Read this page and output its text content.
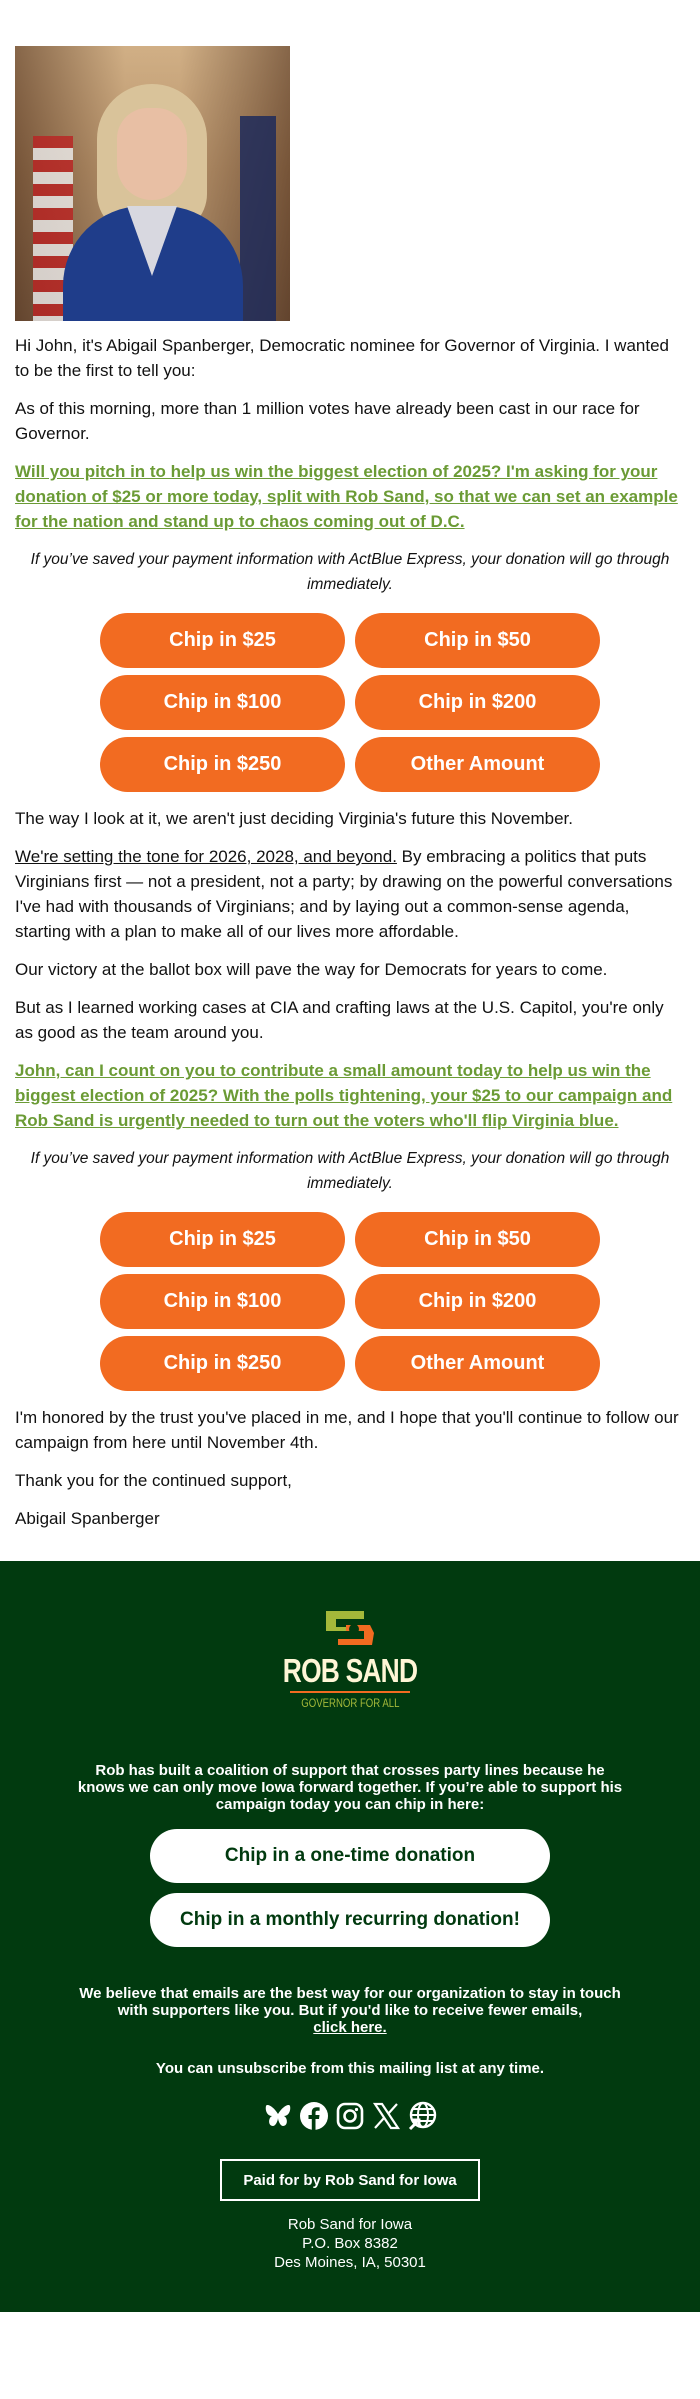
Hi John, it's Abigail Spanberger, Democratic nominee for Governor of Virginia. I wanted to be the first to tell you:

As of this morning, more than 1 million votes have already been cast in our race for Governor.

Will you pitch in to help us win the biggest election of 2025? I'm asking for your donation of $25 or more today, split with Rob Sand, so that we can set an example for the nation and stand up to chaos coming out of D.C.

If you’ve saved your payment information with ActBlue Express, your donation will go through immediately.

Chip in $25	Chip in $50
Chip in $100	Chip in $200
Chip in $250	Other Amount

The way I look at it, we aren't just deciding Virginia's future this November.

We're setting the tone for 2026, 2028, and beyond. By embracing a politics that puts Virginians first — not a president, not a party; by drawing on the powerful conversations I've had with thousands of Virginians; and by laying out a common-sense agenda, starting with a plan to make all of our lives more affordable.

Our victory at the ballot box will pave the way for Democrats for years to come.

But as I learned working cases at CIA and crafting laws at the U.S. Capitol, you're only as good as the team around you.

John, can I count on you to contribute a small amount today to help us win the biggest election of 2025? With the polls tightening, your $25 to our campaign and Rob Sand is urgently needed to turn out the voters who'll flip Virginia blue.

If you’ve saved your payment information with ActBlue Express, your donation will go through immediately.

Chip in $25	Chip in $50
Chip in $100	Chip in $200
Chip in $250	Other Amount

I'm honored by the trust you've placed in me, and I hope that you'll continue to follow our campaign from here until November 4th.

Thank you for the continued support,

Abigail Spanberger

ROB SAND
GOVERNOR FOR ALL
Rob has built a coalition of support that crosses party lines because he knows we can only move Iowa forward together. If you’re able to support his campaign today you can chip in here:
Chip in a one-time donation
Chip in a monthly recurring donation!
We believe that emails are the best way for our organization to stay in touch with supporters like you. But if you'd like to receive fewer emails,
click here.
You can unsubscribe from this mailing list at any time.
Paid for by Rob Sand for Iowa
Rob Sand for Iowa
P.O. Box 8382
Des Moines, IA, 50301
